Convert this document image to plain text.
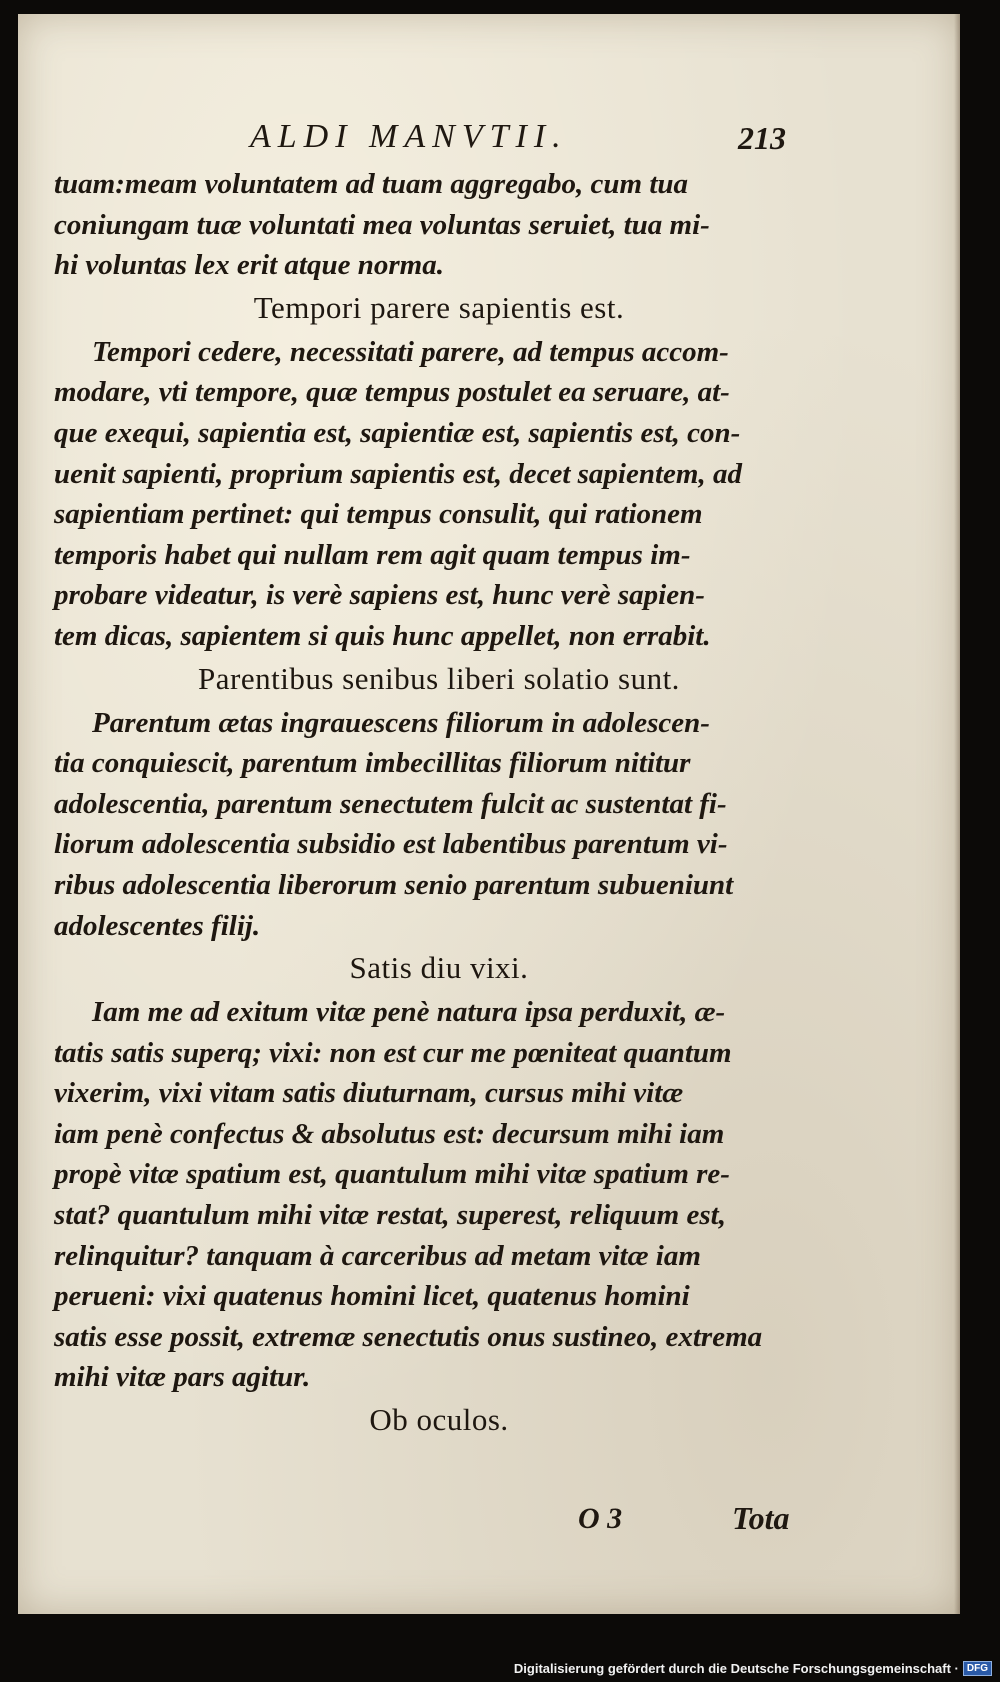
ALDI MANVTII.	213
tuam:meam voluntatem ad tuam aggregabo, cum tua
coniungam tuæ voluntati mea voluntas seruiet, tua mi-
hi voluntas lex erit atque norma.
Tempori parere sapientis est.
Tempori cedere, necessitati parere, ad tempus accom-
modare, vti tempore, quæ tempus postulet ea seruare, at-
que exequi, sapientia est, sapientiæ est, sapientis est, con-
uenit sapienti, proprium sapientis est, decet sapientem, ad
sapientiam pertinet: qui tempus consulit, qui rationem
temporis habet qui nullam rem agit quam tempus im-
probare videatur, is verè sapiens est, hunc verè sapien-
tem dicas, sapientem si quis hunc appellet, non errabit.
Parentibus senibus liberi solatio sunt.
Parentum ætas ingrauescens filiorum in adolescen-
tia conquiescit, parentum imbecillitas filiorum nititur
adolescentia, parentum senectutem fulcit ac sustentat fi-
liorum adolescentia subsidio est labentibus parentum vi-
ribus adolescentia liberorum senio parentum subueniunt
adolescentes filij.
Satis diu vixi.
Iam me ad exitum vitæ penè natura ipsa perduxit, æ-
tatis satis superq; vixi: non est cur me pœniteat quantum
vixerim, vixi vitam satis diuturnam, cursus mihi vitæ
iam penè confectus & absolutus est: decursum mihi iam
propè vitæ spatium est, quantulum mihi vitæ spatium re-
stat? quantulum mihi vitæ restat, superest, reliquum est,
relinquitur? tanquam à carceribus ad metam vitæ iam
perueni: vixi quatenus homini licet, quatenus homini
satis esse possit, extremæ senectutis onus sustineo, extrema
mihi vitæ pars agitur.
Ob oculos.
O 3	Tota
Digitalisierung gefördert durch die Deutsche Forschungsgemeinschaft · DFG
